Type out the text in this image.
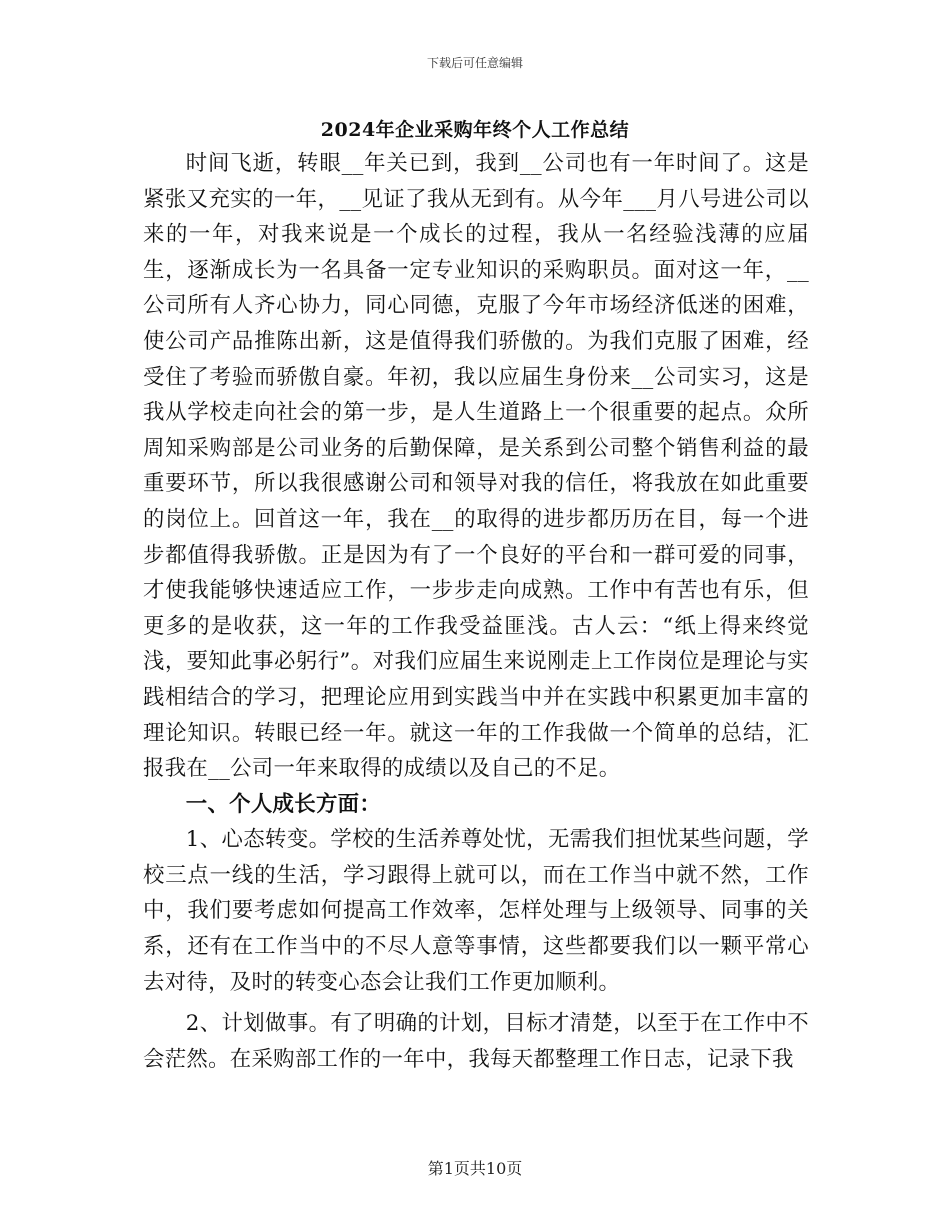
下载后可任意编辑
2024年企业采购年终个人工作总结

时间飞逝，转眼__年关已到，我到__公司也有一年时间了。这是紧张又充实的一年，__见证了我从无到有。从今年___月八号进公司以来的一年，对我来说是一个成长的过程，我从一名经验浅薄的应届生，逐渐成长为一名具备一定专业知识的采购职员。面对这一年，__公司所有人齐心协力，同心同德，克服了今年市场经济低迷的困难，使公司产品推陈出新，这是值得我们骄傲的。为我们克服了困难，经受住了考验而骄傲自豪。年初，我以应届生身份来__公司实习，这是我从学校走向社会的第一步，是人生道路上一个很重要的起点。众所周知采购部是公司业务的后勤保障，是关系到公司整个销售利益的最重要环节，所以我很感谢公司和领导对我的信任，将我放在如此重要的岗位上。回首这一年，我在__的取得的进步都历历在目，每一个进步都值得我骄傲。正是因为有了一个良好的平台和一群可爱的同事，才使我能够快速适应工作，一步步走向成熟。工作中有苦也有乐，但更多的是收获，这一年的工作我受益匪浅。古人云：“纸上得来终觉浅，要知此事必躬行”。对我们应届生来说刚走上工作岗位是理论与实践相结合的学习，把理论应用到实践当中并在实践中积累更加丰富的理论知识。转眼已经一年。就这一年的工作我做一个简单的总结，汇报我在__公司一年来取得的成绩以及自己的不足。

一、个人成长方面：

1、心态转变。学校的生活养尊处忧，无需我们担忧某些问题，学校三点一线的生活，学习跟得上就可以，而在工作当中就不然，工作中，我们要考虑如何提高工作效率，怎样处理与上级领导、同事的关系，还有在工作当中的不尽人意等事情，这些都要我们以一颗平常心去对待，及时的转变心态会让我们工作更加顺利。

2、计划做事。有了明确的计划，目标才清楚，以至于在工作中不会茫然。在采购部工作的一年中，我每天都整理工作日志，记录下我

第1页共10页
